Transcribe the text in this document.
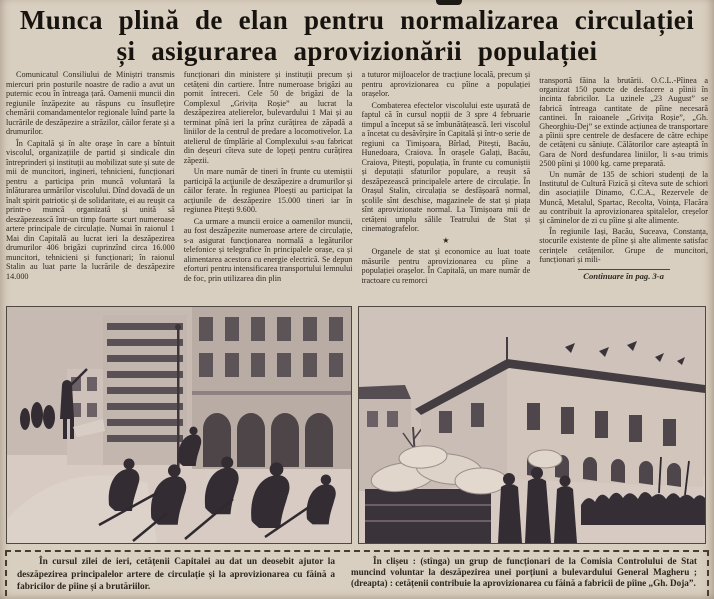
Munca plină de elan pentru normalizarea circulației
și asigurarea aprovizionării populației

Comunicatul Consiliului de Miniștri transmis miercuri prin posturile noastre de radio a avut un puternic ecou în întreaga țară. Oamenii muncii din regiunile înzăpezite au răspuns cu însuflețire chemării comandamentelor regionale luînd parte la lucrările de deszăpezire a străzilor, căilor ferate și a drumurilor.

În Capitală și în alte orașe în care a bîntuit viscolul, organizațiile de partid și sindicale din întreprinderi și instituții au mobilizat sute și sute de mii de muncitori, ingineri, tehnicieni, funcționari pentru a participa prin muncă voluntară la înlăturarea urmărilor viscolului. Dînd dovadă de un înalt spirit patriotic și de solidaritate, ei au reușit ca printr-o muncă organizată și unită să deszăpezească într-un timp foarte scurt numeroase artere principale de circulație. Numai în raionul 1 Mai din Capitală au lucrat ieri la deszăpezirea drumurilor 406 brigăzi cuprinzînd circa 16.000 muncitori, tehnicieni și funcționari; în raionul Stalin au luat parte la lucrările de deszăpezire 14.000

funcționari din ministere și instituții precum și cetățeni din cartiere. Între numeroase brigăzi au pornit întreceri. Cele 50 de brigăzi de la Complexul „Grivița Roșie” au lucrat la deszăpezirea atelierelor, bulevardului 1 Mai și au terminat pînă ieri la prînz curățirea de zăpadă a liniilor de la centrul de predare a locomotivelor. La atelierul de tîmplărie al Complexului s-au fabricat din deșeuri cîteva sute de lopeți pentru curățirea zăpezii.

Un mare număr de tineri în frunte cu utemiștii participă la acțiunile de deszăpezire a drumurilor și căilor ferate. În regiunea Ploești au participat la acțiunile de deszăpezire 15.000 tineri iar în regiunea Pitești 9.600.

Ca urmare a muncii eroice a oamenilor muncii, au fost deszăpezite numeroase artere de circulație, s-a asigurat funcționarea normală a legăturilor telefonice și telegrafice în principalele orașe, ca și alimentarea acestora cu energie electrică. Se depun eforturi pentru intensificarea transportului lemnului de foc, prin utilizarea din plin

a tuturor mijloacelor de tracțiune locală, precum și pentru aprovizionarea cu pîine a populației orașelor.

Combaterea efectelor viscolului este ușurată de faptul că în cursul nopții de 3 spre 4 februarie timpul a început să se îmbunătățească. Ieri viscolul a încetat cu desăvîrșire în Capitală și într-o serie de regiuni ca Timișoara, Bîrlad, Pitești, Bacău, Hunedoara, Craiova. În orașele Galați, Bacău, Craiova, Pitești, populația, în frunte cu comuniștii și deputații sfaturilor populare, a reușit să deszăpezească principalele artere de circulație. În Orașul Stalin, circulația se desfășoară normal, școlile sînt deschise, magazinele de stat și piața sînt aprovizionate normal. La Timișoara mii de cetățeni umplu sălile Teatrului de Stat și cinematografelor.

★

Organele de stat și economice au luat toate măsurile pentru aprovizionarea cu pîine a populației orașelor. În Capitală, un mare număr de tractoare cu remorci

transportă făina la brutării. O.C.L.-Pîinea a organizat 150 puncte de desfacere a pîinii în incinta fabricilor. La uzinele „23 August” se fabrică întreaga cantitate de pîine necesară cantinei. În raioanele „Grivița Roșie”, „Gh. Gheorghiu-Dej” se extinde acțiunea de transportare a pîinii spre centrele de desfacere de către echipe de cetățeni cu săniuțe. Călătorilor care așteaptă în Gara de Nord desfundarea liniilor, li s-au trimis 2500 pîini și 1000 kg. carne preparată.

Un număr de 135 de schiori studenți de la Institutul de Cultură Fizică și cîteva sute de schiori din asociațiile Dinamo, C.C.A., Rezervele de Muncă, Metalul, Spartac, Recolta, Voința, Flacăra au contribuit la aprovizionarea spitalelor, creșelor și căminelor de zi cu pîine și alte alimente.

În regiunile Iași, Bacău, Suceava, Constanța, stocurile existente de pîine și alte alimente satisfac cerințele cetățenilor. Grupe de muncitori, funcționari și mili-

Continuare în pag. 3-a

În cursul zilei de ieri, cetățenii Capitalei au dat un deosebit ajutor la deszăpezirea principalelor artere de circulație și la aprovizionarea cu făină a fabricilor de pîine și a brutăriilor.

În clișeu : (stînga) un grup de funcționari de la Comisia Controlului de Stat muncind voluntar la deszăpezirea unei porțiuni a bulevardului General Magheru ; (dreapta) : cetățenii contribuie la aprovizionarea cu făină a fabricii de pîine „Gh. Doja”.
